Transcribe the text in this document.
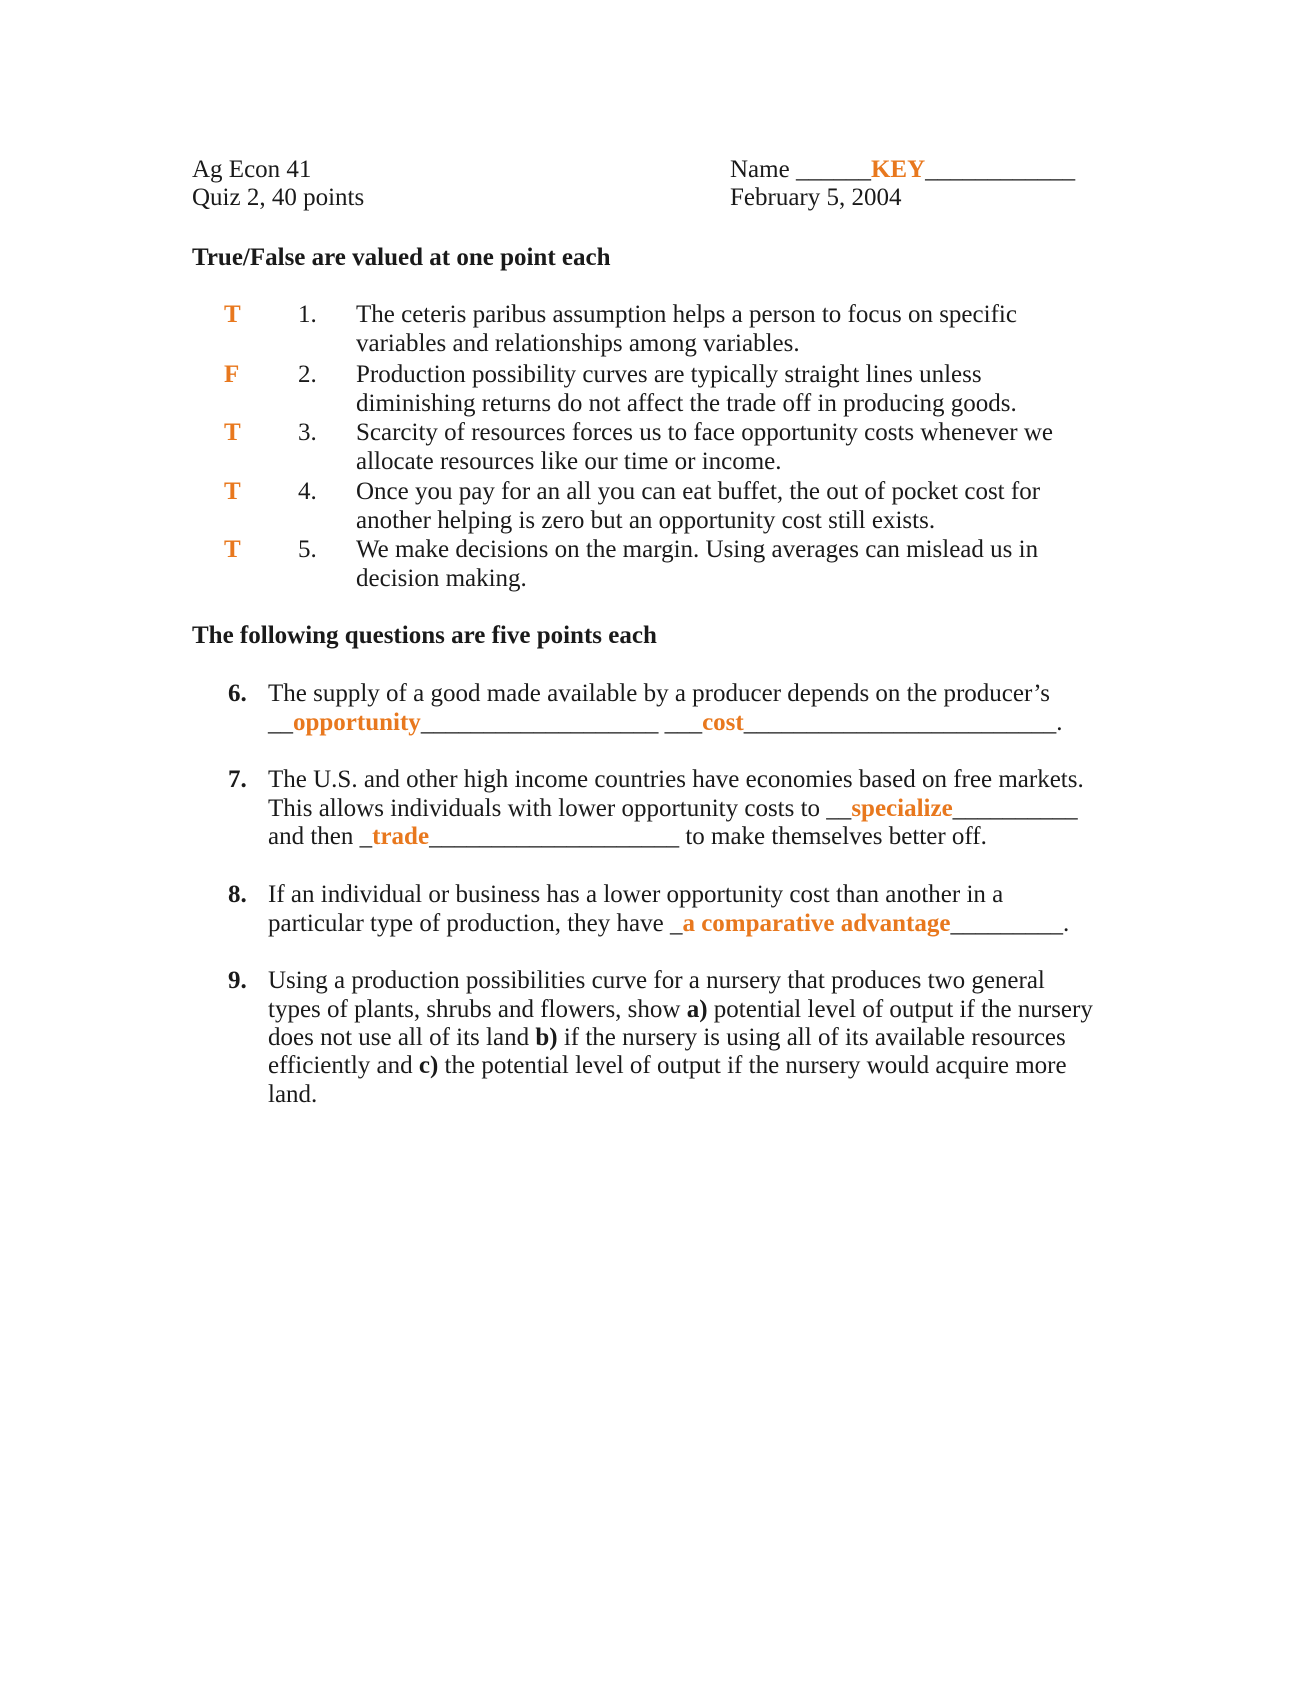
Ag Econ 41
Quiz 2, 40 points
Name ______KEY____________
February 5, 2004
True/False are valued at one point each
T 1. The ceteris paribus assumption helps a person to focus on specific
variables and relationships among variables.
F 2. Production possibility curves are typically straight lines unless
diminishing returns do not affect the trade off in producing goods.
T 3. Scarcity of resources forces us to face opportunity costs whenever we
allocate resources like our time or income.
T 4. Once you pay for an all you can eat buffet, the out of pocket cost for
another helping is zero but an opportunity cost still exists.
T 5. We make decisions on the margin. Using averages can mislead us in
decision making.
The following questions are five points each
6. The supply of a good made available by a producer depends on the producer’s
__opportunity___________________ ___cost_________________________.
7. The U.S. and other high income countries have economies based on free markets.
This allows individuals with lower opportunity costs to __specialize__________
and then _trade____________________ to make themselves better off.
8. If an individual or business has a lower opportunity cost than another in a
particular type of production, they have _a comparative advantage_________.
9. Using a production possibilities curve for a nursery that produces two general
types of plants, shrubs and flowers, show a) potential level of output if the nursery
does not use all of its land b) if the nursery is using all of its available resources
efficiently and c) the potential level of output if the nursery would acquire more
land.
